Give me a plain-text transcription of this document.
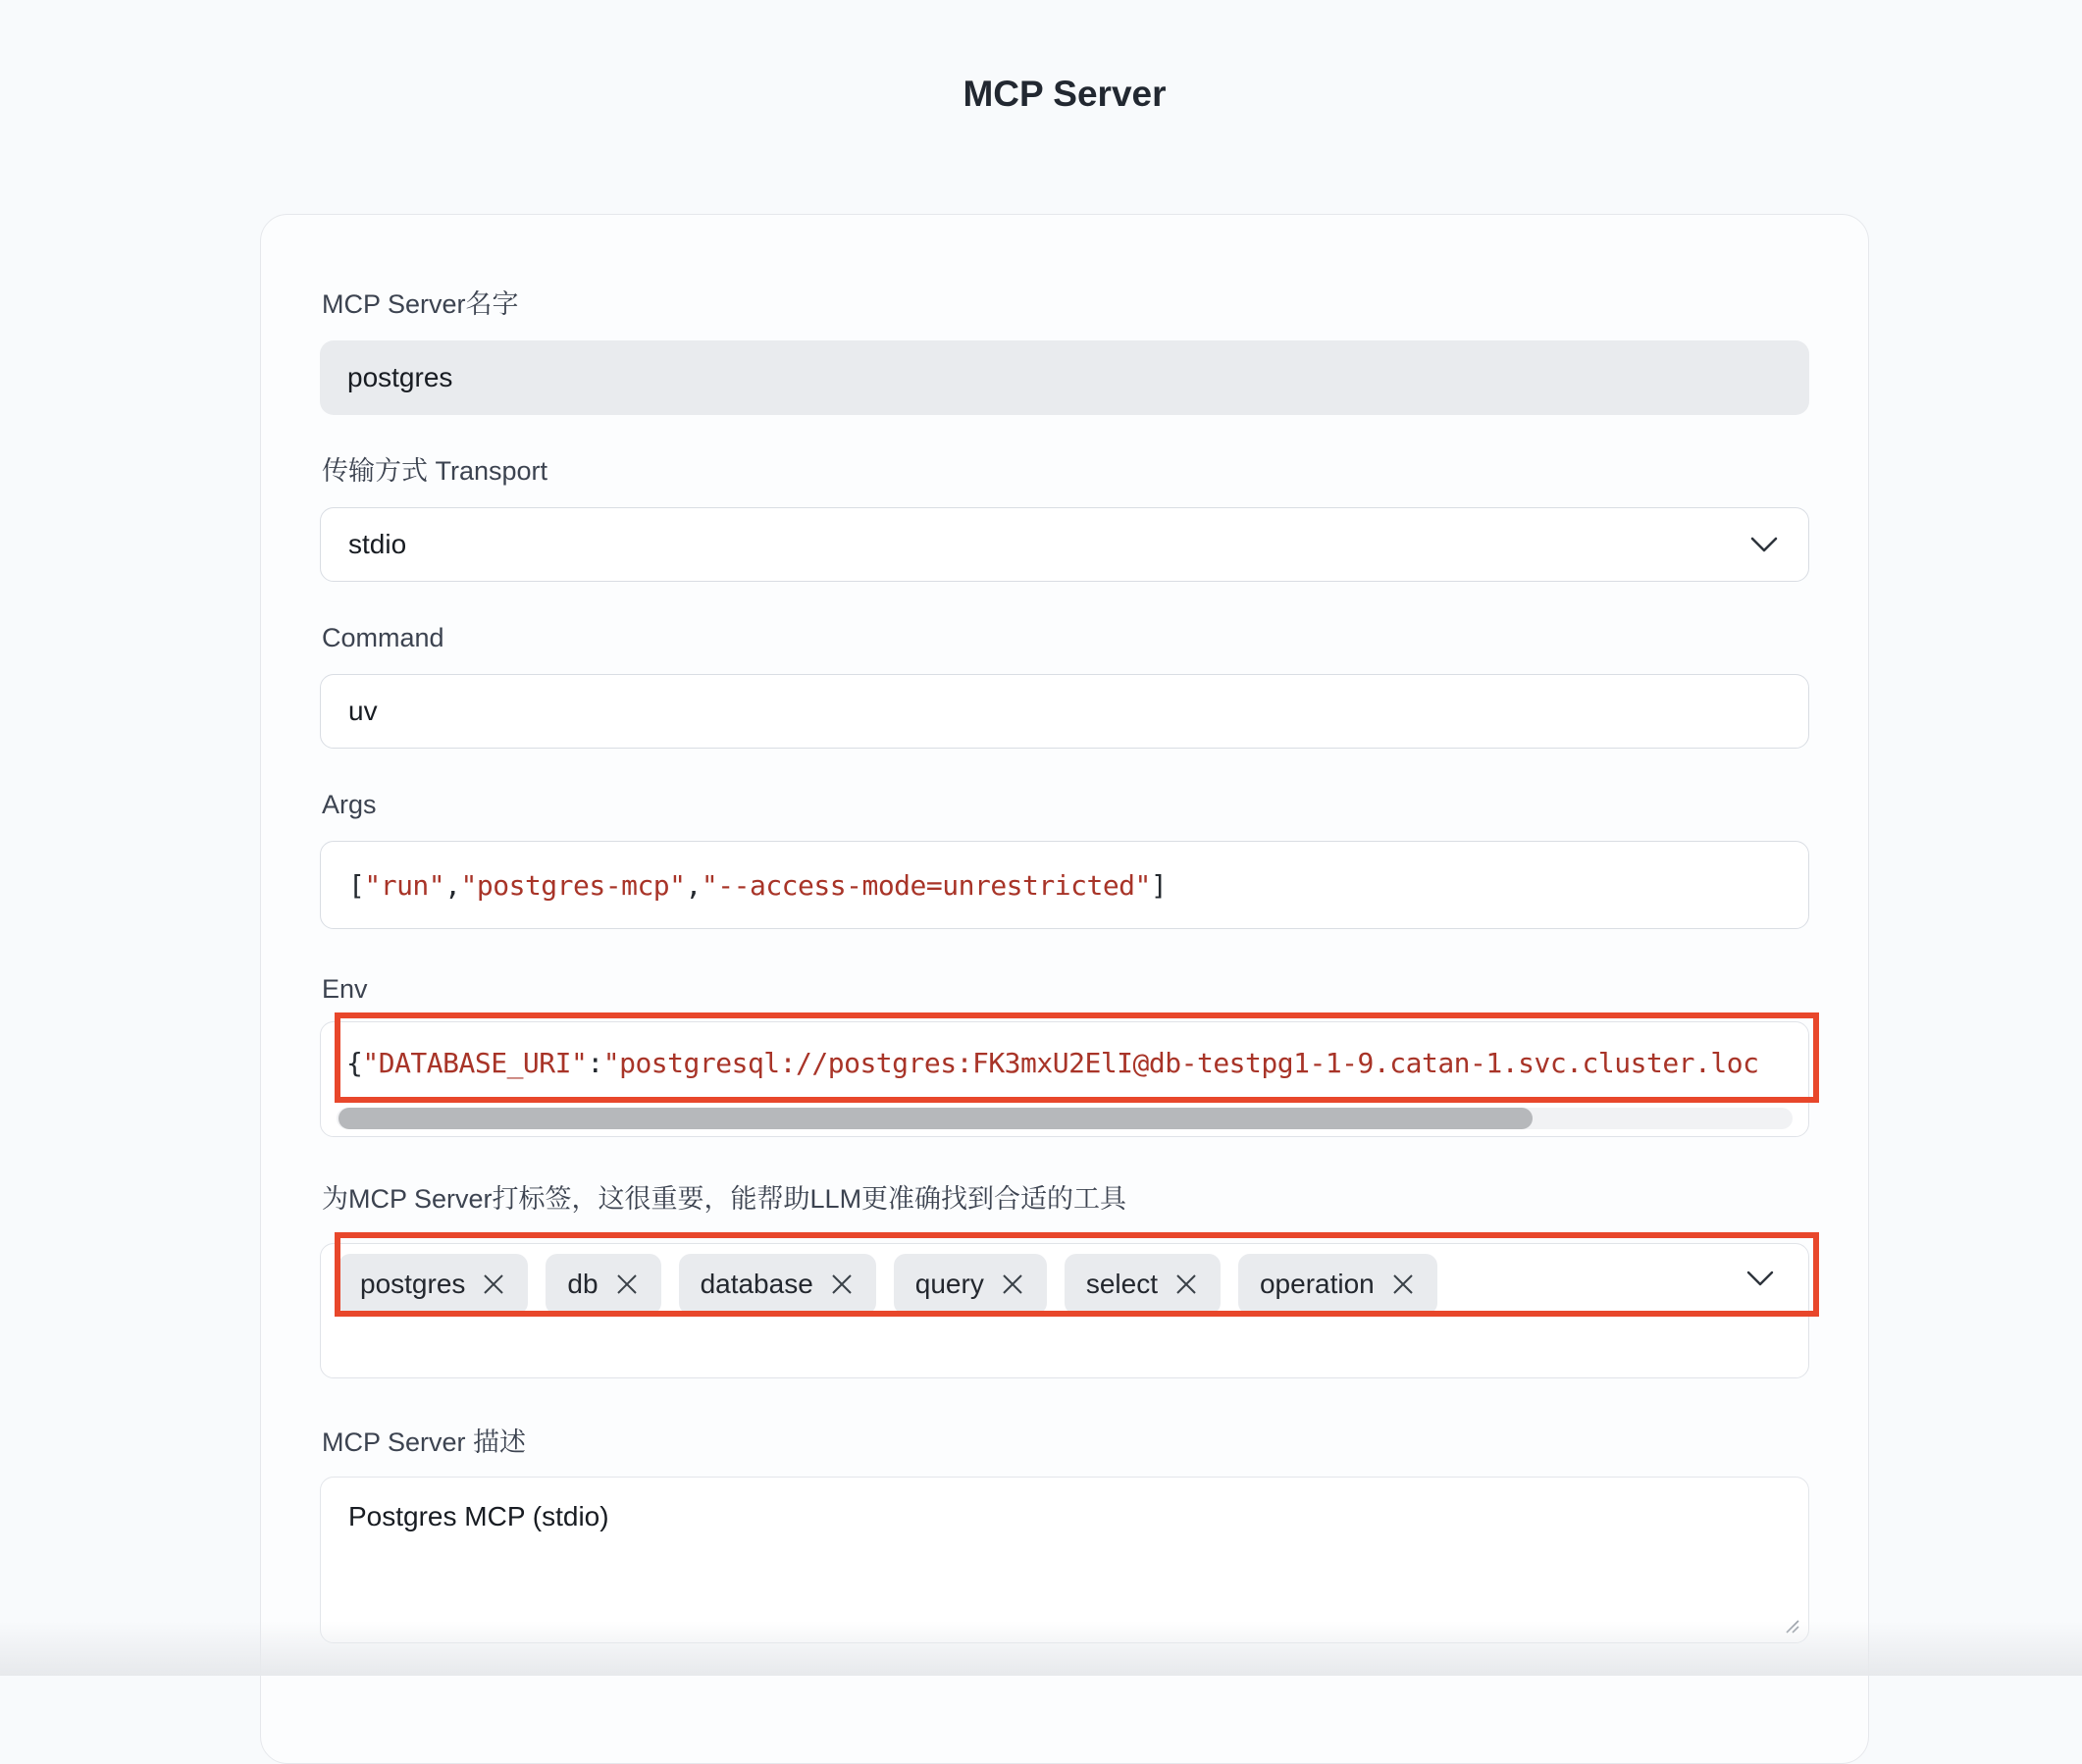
MCP Server
MCP Server名字
postgres
传输方式 Transport
stdio
Command
uv
Args
[ "run" , "postgres-mcp" , "--access-mode=unrestricted" ]
Env
{"DATABASE_URI":"postgresql://postgres:FK3mxU2ElI@db-testpg1-1-9.catan-1.svc.cluster.loc
为MCP Server打标签，这很重要，能帮助LLM更准确找到合适的工具
postgres	db	database	query	select	operation
MCP Server 描述
Postgres MCP (stdio)
